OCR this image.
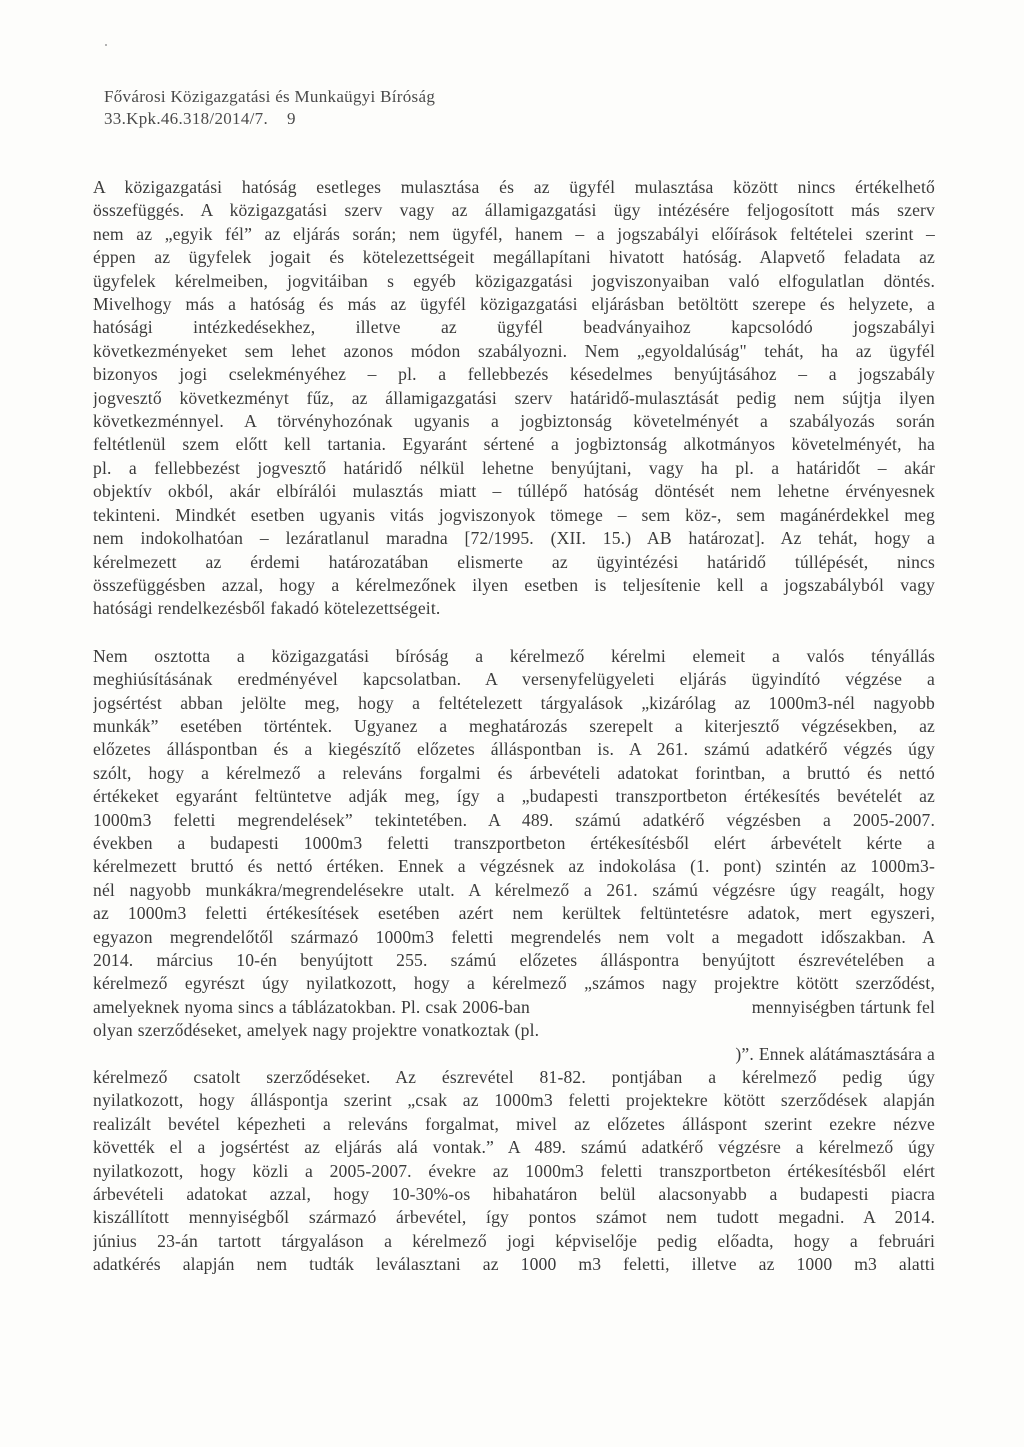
Fővárosi Közigazgatási és Munkaügyi Bíróság
33.Kpk.46.318/2014/7.	9
A közigazgatási hatóság esetleges mulasztása és az ügyfél mulasztása között nincs értékelhető
összefüggés. A közigazgatási szerv vagy az államigazgatási ügy intézésére feljogosított más szerv
nem az „egyik fél” az eljárás során; nem ügyfél, hanem – a jogszabályi előírások feltételei szerint –
éppen az ügyfelek jogait és kötelezettségeit megállapítani hivatott hatóság. Alapvető feladata az
ügyfelek kérelmeiben, jogvitáiban s egyéb közigazgatási jogviszonyaiban való elfogulatlan döntés.
Mivelhogy más a hatóság és más az ügyfél közigazgatási eljárásban betöltött szerepe és helyzete, a
hatósági intézkedésekhez, illetve az ügyfél beadványaihoz kapcsolódó jogszabályi
következményeket sem lehet azonos módon szabályozni. Nem „egyoldalúság" tehát, ha az ügyfél
bizonyos jogi cselekményéhez – pl. a fellebbezés késedelmes benyújtásához – a jogszabály
jogvesztő következményt fűz, az államigazgatási szerv határidő-mulasztását pedig nem sújtja ilyen
következménnyel. A törvényhozónak ugyanis a jogbiztonság követelményét a szabályozás során
feltétlenül szem előtt kell tartania. Egyaránt sértené a jogbiztonság alkotmányos követelményét, ha
pl. a fellebbezést jogvesztő határidő nélkül lehetne benyújtani, vagy ha pl. a határidőt – akár
objektív okból, akár elbírálói mulasztás miatt – túllépő hatóság döntését nem lehetne érvényesnek
tekinteni. Mindkét esetben ugyanis vitás jogviszonyok tömege – sem köz-, sem magánérdekkel meg
nem indokolhatóan – lezáratlanul maradna [72/1995. (XII. 15.) AB határozat]. Az tehát, hogy a
kérelmezett az érdemi határozatában elismerte az ügyintézési határidő túllépését, nincs
összefüggésben azzal, hogy a kérelmezőnek ilyen esetben is teljesítenie kell a jogszabályból vagy
hatósági rendelkezésből fakadó kötelezettségeit.
Nem osztotta a közigazgatási bíróság a kérelmező kérelmi elemeit a valós tényállás
meghiúsításának eredményével kapcsolatban. A versenyfelügyeleti eljárás ügyindító végzése a
jogsértést abban jelölte meg, hogy a feltételezett tárgyalások „kizárólag az 1000m3-nél nagyobb
munkák” esetében történtek. Ugyanez a meghatározás szerepelt a kiterjesztő végzésekben, az
előzetes álláspontban és a kiegészítő előzetes álláspontban is. A 261. számú adatkérő végzés úgy
szólt, hogy a kérelmező a releváns forgalmi és árbevételi adatokat forintban, a bruttó és nettó
értékeket egyaránt feltüntetve adják meg, így a „budapesti transzportbeton értékesítés bevételét az
1000m3 feletti megrendelések” tekintetében. A 489. számú adatkérő végzésben a 2005-2007.
években a budapesti 1000m3 feletti transzportbeton értékesítésből elért árbevételt kérte a
kérelmezett bruttó és nettó értéken. Ennek a végzésnek az indokolása (1. pont) szintén az 1000m3-
nél nagyobb munkákra/megrendelésekre utalt. A kérelmező a 261. számú végzésre úgy reagált, hogy
az 1000m3 feletti értékesítések esetében azért nem kerültek feltüntetésre adatok, mert egyszeri,
egyazon megrendelőtől származó 1000m3 feletti megrendelés nem volt a megadott időszakban. A
2014. március 10-én benyújtott 255. számú előzetes álláspontra benyújtott észrevételében a
kérelmező egyrészt úgy nyilatkozott, hogy a kérelmező „számos nagy projektre kötött szerződést,
amelyeknek nyoma sincs a táblázatokban. Pl. csak 2006-ban	mennyiségben tártunk fel
olyan szerződéseket, amelyek nagy projektre vonatkoztak (pl.
)”. Ennek alátámasztására a
kérelmező csatolt szerződéseket. Az észrevétel 81-82. pontjában a kérelmező pedig úgy
nyilatkozott, hogy álláspontja szerint „csak az 1000m3 feletti projektekre kötött szerződések alapján
realizált bevétel képezheti a releváns forgalmat, mivel az előzetes álláspont szerint ezekre nézve
követték el a jogsértést az eljárás alá vontak.” A 489. számú adatkérő végzésre a kérelmező úgy
nyilatkozott, hogy közli a 2005-2007. évekre az 1000m3 feletti transzportbeton értékesítésből elért
árbevételi adatokat azzal, hogy 10-30%-os hibahatáron belül alacsonyabb a budapesti piacra
kiszállított mennyiségből származó árbevétel, így pontos számot nem tudott megadni. A 2014.
június 23-án tartott tárgyaláson a kérelmező jogi képviselője pedig előadta, hogy a februári
adatkérés alapján nem tudták leválasztani az 1000 m3 feletti, illetve az 1000 m3 alatti
